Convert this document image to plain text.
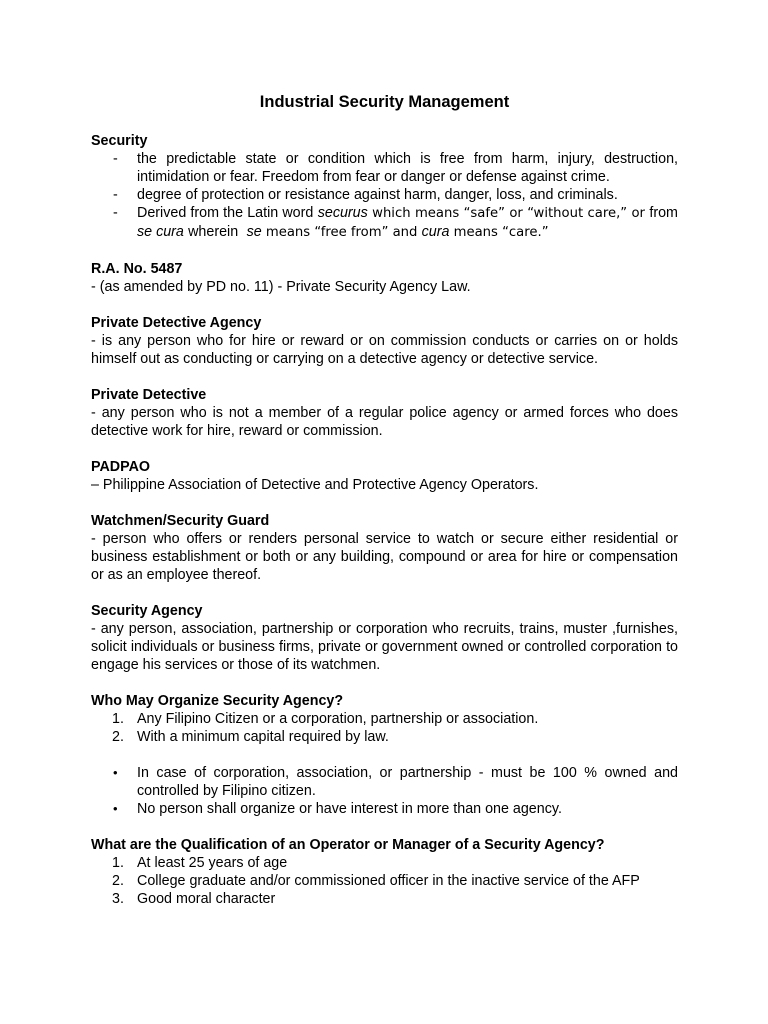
Industrial Security Management
Security
- the predictable state or condition which is free from harm, injury, destruction, intimidation or fear. Freedom from fear or danger or defense against crime.
- degree of protection or resistance against harm, danger, loss, and criminals.
- Derived from the Latin word securus which means “safe” or “without care,” or from se cura wherein se means “free from” and cura means “care.”
R.A. No. 5487

- (as amended by PD no. 11) - Private Security Agency Law.

Private Detective Agency

- is any person who for hire or reward or on commission conducts or carries on or holds himself out as conducting or carrying on a detective agency or detective service.

Private Detective

- any person who is not a member of a regular police agency or armed forces who does detective work for hire, reward or commission.

PADPAO

– Philippine Association of Detective and Protective Agency Operators.

Watchmen/Security Guard

- person who offers or renders personal service to watch or secure either residential or business establishment or both or any building, compound or area for hire or compensation or as an employee thereof.

Security Agency

- any person, association, partnership or corporation who recruits, trains, muster ,furnishes, solicit individuals or business firms, private or government owned or controlled corporation to engage his services or those of its watchmen.

Who May Organize Security Agency?
1. Any Filipino Citizen or a corporation, partnership or association.
2. With a minimum capital required by law.
• In case of corporation, association, or partnership - must be 100 % owned and controlled by Filipino citizen.
• No person shall organize or have interest in more than one agency.
What are the Qualification of an Operator or Manager of a Security Agency?
1. At least 25 years of age
2. College graduate and/or commissioned officer in the inactive service of the AFP
3. Good moral character
